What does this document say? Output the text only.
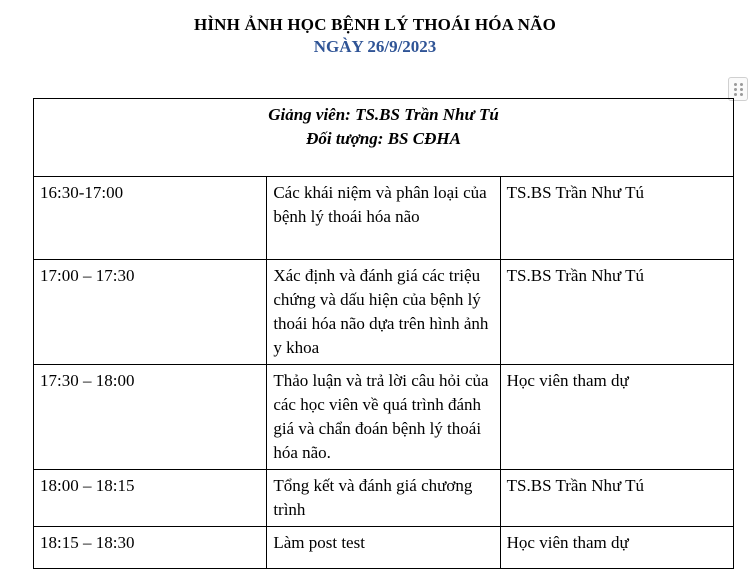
HÌNH ẢNH HỌC BỆNH LÝ THOÁI HÓA NÃO
NGÀY 26/9/2023
Giảng viên: TS.BS Trần Như Tú
Đối tượng: BS CĐHA		

16:30-17:00	Các khái niệm và phân loại của bệnh lý thoái hóa não	TS.BS Trần Như Tú
17:00 – 17:30	Xác định và đánh giá các triệu chứng và dấu hiện của bệnh lý thoái hóa não dựa trên hình ảnh y khoa	TS.BS Trần Như Tú
17:30 – 18:00	Thảo luận và trả lời câu hỏi của các học viên về quá trình đánh giá và chẩn đoán bệnh lý thoái hóa não.	Học viên tham dự
18:00 – 18:15	Tổng kết và đánh giá chương trình	TS.BS Trần Như Tú
18:15 – 18:30	Làm post test	Học viên tham dự
